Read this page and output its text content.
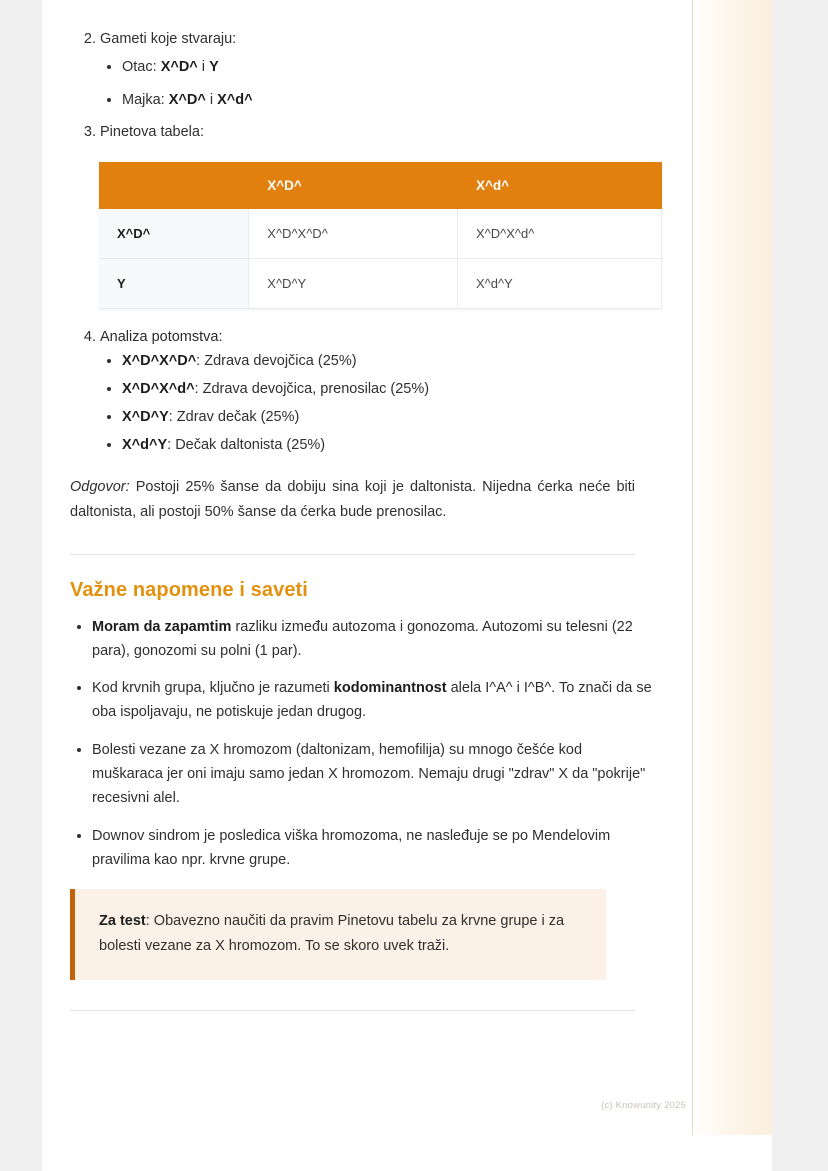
2. Gameti koje stvaraju:
• Otac: X^D^ i Y
• Majka: X^D^ i X^d^
3. Pinetova tabela:
	X^D^	X^d^
X^D^	X^D^X^D^	X^D^X^d^
Y	X^D^Y	X^d^Y
4. Analiza potomstva:
• X^D^X^D^: Zdrava devojčica (25%)
• X^D^X^d^: Zdrava devojčica, prenosilac (25%)
• X^D^Y: Zdrav dečak (25%)
• X^d^Y: Dečak daltonista (25%)

Odgovor: Postoji 25% šanse da dobiju sina koji je daltonista. Nijedna ćerka neće biti daltonista, ali postoji 50% šanse da ćerka bude prenosilac.

Važne napomene i saveti
• Moram da zapamtim razliku između autozoma i gonozoma. Autozomi su telesni (22 para), gonozomi su polni (1 par).
• Kod krvnih grupa, ključno je razumeti kodominantnost alela I^A^ i I^B^. To znači da se oba ispoljavaju, ne potiskuje jedan drugog.
• Bolesti vezane za X hromozom (daltonizam, hemofilija) su mnogo češće kod muškaraca jer oni imaju samo jedan X hromozom. Nemaju drugi "zdrav" X da "pokrije" recesivni alel.
• Downov sindrom je posledica viška hromozoma, ne nasleđuje se po Mendelovim pravilima kao npr. krvne grupe.

Za test: Obavezno naučiti da pravim Pinetovu tabelu za krvne grupe i za bolesti vezane za X hromozom. To se skoro uvek traži.

(c) Knowunity 2025
